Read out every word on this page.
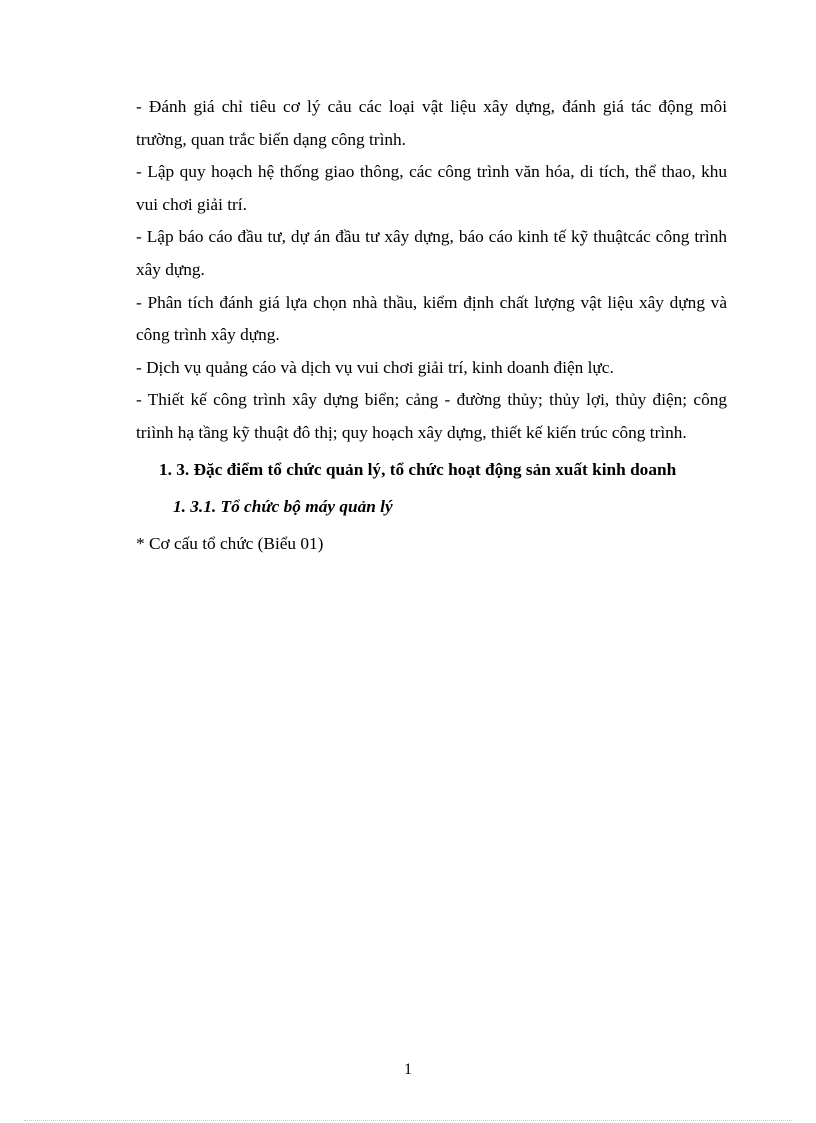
- Đánh giá chỉ tiêu cơ lý cảu các loại vật liệu xây dựng, đánh giá tác động môi trường, quan trắc biến dạng công trình.

- Lập quy hoạch hệ thống giao thông, các công trình văn hóa, di tích, thể thao, khu vui chơi giải trí.

- Lập báo cáo đầu tư, dự án đầu tư xây dựng, báo cáo kinh tế kỹ thuậtcác công trình xây dựng.

- Phân tích đánh giá lựa chọn nhà thầu, kiểm định chất lượng vật liệu xây dựng và công trình xây dựng.

- Dịch vụ quảng cáo và dịch vụ vui chơi giải trí, kinh doanh điện lực.

- Thiết kế công trình xây dựng biển; cảng - đường thủy; thủy lợi, thủy điện; công triình hạ tầng kỹ thuật đô thị; quy hoạch xây dựng, thiết kế kiến trúc công trình.

1. 3. Đặc điểm tổ chức quản lý, tổ chức hoạt động sản xuất kinh doanh

1. 3.1. Tổ chức bộ máy quản lý

* Cơ cấu tổ chức (Biểu 01)

1
